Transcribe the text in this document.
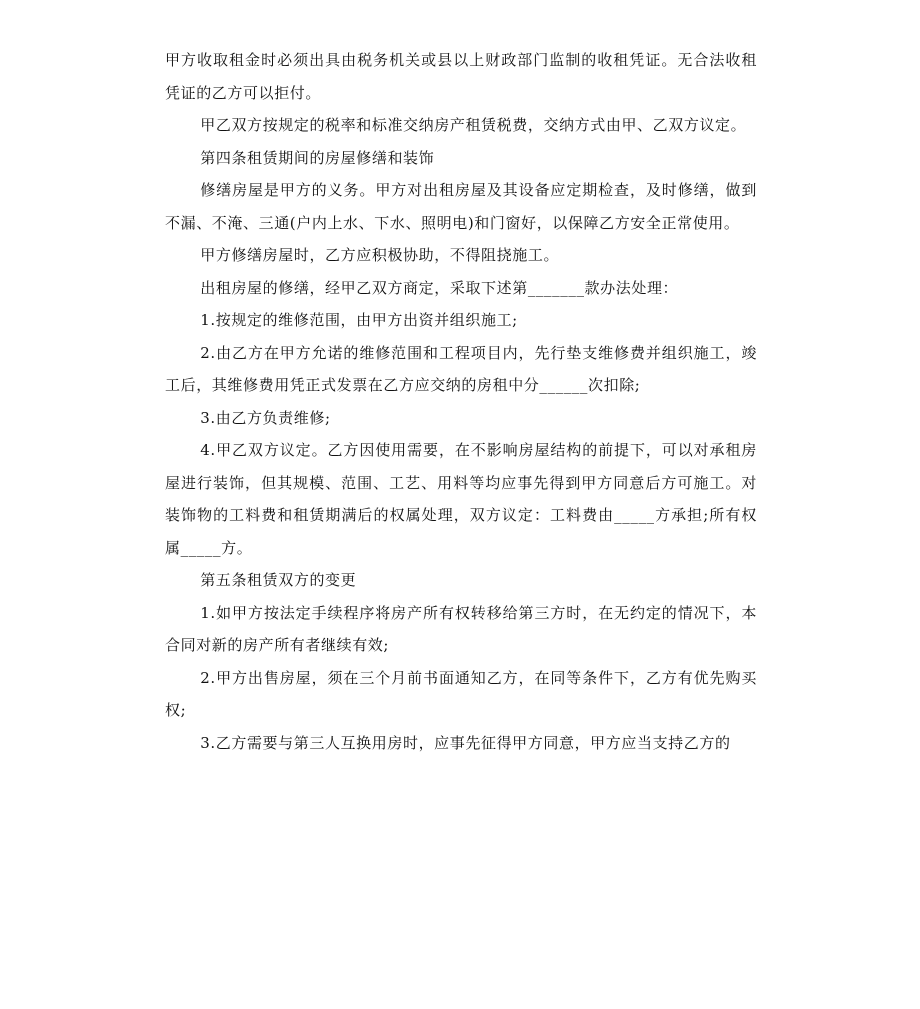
甲方收取租金时必须出具由税务机关或县以上财政部门监制的收租凭证。无合法收租凭证的乙方可以拒付。

甲乙双方按规定的税率和标准交纳房产租赁税费，交纳方式由甲、乙双方议定。

第四条租赁期间的房屋修缮和装饰

修缮房屋是甲方的义务。甲方对出租房屋及其设备应定期检查，及时修缮，做到不漏、不淹、三通(户内上水、下水、照明电)和门窗好，以保障乙方安全正常使用。

甲方修缮房屋时，乙方应积极协助，不得阻挠施工。

出租房屋的修缮，经甲乙双方商定，采取下述第_______款办法处理：

1.按规定的维修范围，由甲方出资并组织施工;

2.由乙方在甲方允诺的维修范围和工程项目内，先行垫支维修费并组织施工，竣工后，其维修费用凭正式发票在乙方应交纳的房租中分______次扣除;

3.由乙方负责维修;

4.甲乙双方议定。乙方因使用需要，在不影响房屋结构的前提下，可以对承租房屋进行装饰，但其规模、范围、工艺、用料等均应事先得到甲方同意后方可施工。对装饰物的工料费和租赁期满后的权属处理，双方议定：工料费由_____方承担;所有权属_____方。

第五条租赁双方的变更

1.如甲方按法定手续程序将房产所有权转移给第三方时，在无约定的情况下，本合同对新的房产所有者继续有效;

2.甲方出售房屋，须在三个月前书面通知乙方，在同等条件下，乙方有优先购买权;

3.乙方需要与第三人互换用房时，应事先征得甲方同意，甲方应当支持乙方的
